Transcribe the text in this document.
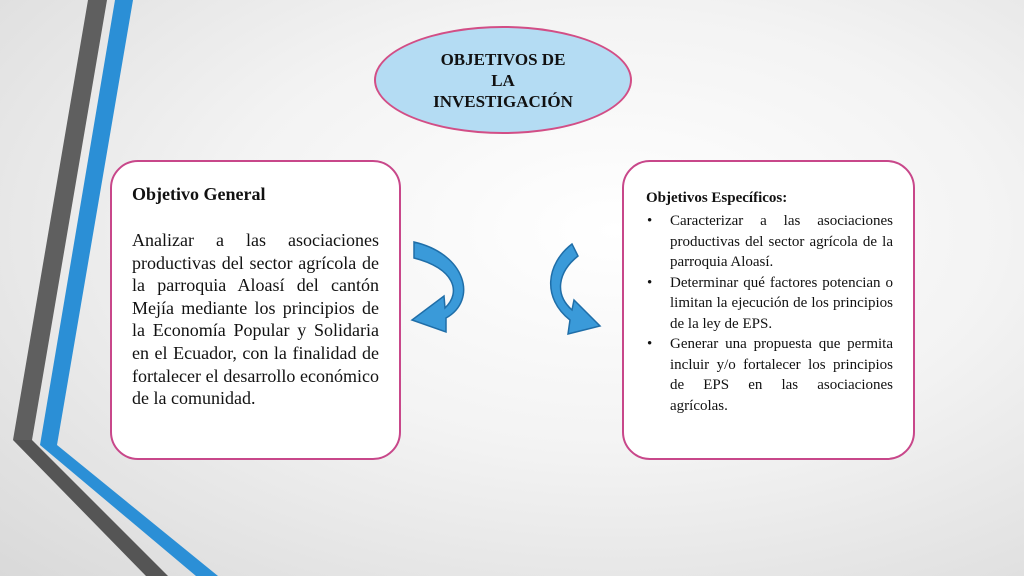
OBJETIVOS DE LA INVESTIGACIÓN

Objetivo General

Analizar a las asociaciones productivas del sector agrícola de la parroquia Aloasí del cantón Mejía mediante los principios de la Economía Popular y Solidaria en el Ecuador, con la finalidad de fortalecer el desarrollo económico de la comunidad.

Objetivos Específicos:

• Caracterizar a las asociaciones productivas del sector agrícola de la parroquia Aloasí.
• Determinar qué factores potencian o limitan la ejecución de los principios de la ley de EPS.
• Generar una propuesta que permita incluir y/o fortalecer los principios de EPS en las asociaciones agrícolas.
